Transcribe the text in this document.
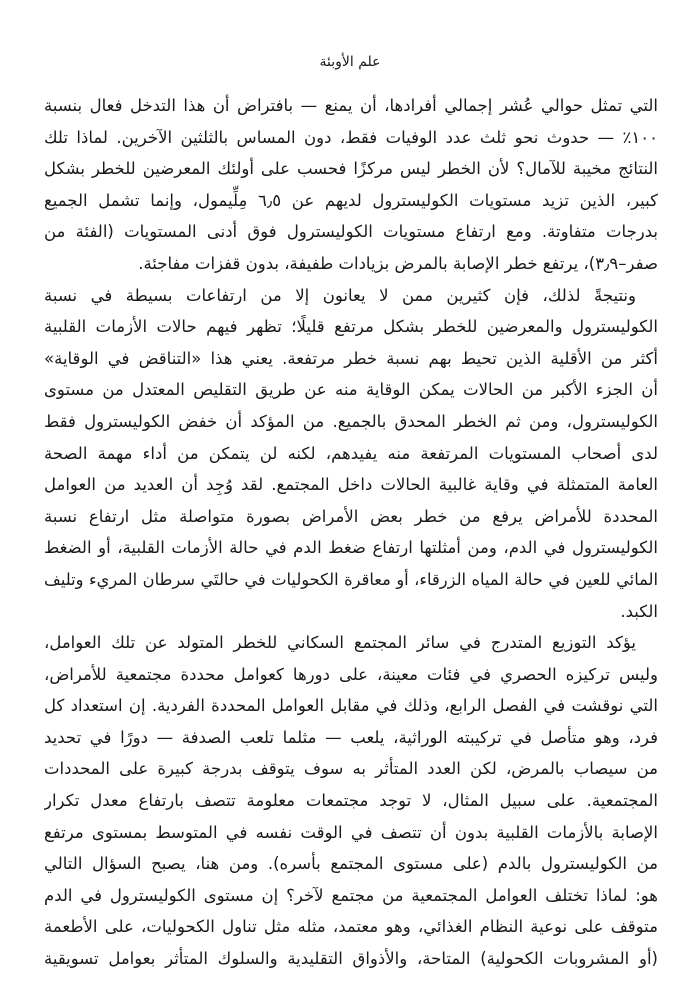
علم الأوبئة

التي تمثل حوالي عُشر إجمالي أفرادها، أن يمنع — بافتراض أن هذا التدخل فعال بنسبة
١٠٠٪ — حدوث نحو ثلث عدد الوفيات فقط، دون المساس بالثلثين الآخرين. لماذا تلك
النتائج مخيبة للآمال؟ لأن الخطر ليس مركزًا فحسب على أولئك المعرضين للخطر بشكل
كبير، الذين تزيد مستويات الكوليسترول لديهم عن ٦٫٥ مِلِّيمول، وإنما تشمل الجميع
بدرجات متفاوتة. ومع ارتفاع مستويات الكوليسترول فوق أدنى المستويات (الفئة من
صفر–٣٫٩)، يرتفع خطر الإصابة بالمرض بزيادات طفيفة، بدون قفزات مفاجئة.

ونتيجةً لذلك، فإن كثيرين ممن لا يعانون إلا من ارتفاعات بسيطة في نسبة
الكوليسترول والمعرضين للخطر بشكل مرتفع قليلًا؛ تظهر فيهم حالات الأزمات القلبية
أكثر من الأقلية الذين تحيط بهم نسبة خطر مرتفعة. يعني هذا «التناقض في الوقاية»
أن الجزء الأكبر من الحالات يمكن الوقاية منه عن طريق التقليص المعتدل من مستوى
الكوليسترول، ومن ثم الخطر المحدق بالجميع. من المؤكد أن خفض الكوليسترول فقط
لدى أصحاب المستويات المرتفعة منه يفيدهم، لكنه لن يتمكن من أداء مهمة الصحة
العامة المتمثلة في وقاية غالبية الحالات داخل المجتمع. لقد وُجِد أن العديد من العوامل
المحددة للأمراض يرفع من خطر بعض الأمراض بصورة متواصلة مثل ارتفاع نسبة
الكوليسترول في الدم، ومن أمثلتها ارتفاع ضغط الدم في حالة الأزمات القلبية، أو الضغط
المائي للعين في حالة المياه الزرقاء، أو معاقرة الكحوليات في حالتَي سرطان المريء وتليف
الكبد.

يؤكد التوزيع المتدرج في سائر المجتمع السكاني للخطر المتولد عن تلك العوامل،
وليس تركيزه الحصري في فئات معينة، على دورها كعوامل محددة مجتمعية للأمراض،
التي نوقشت في الفصل الرابع، وذلك في مقابل العوامل المحددة الفردية. إن استعداد كل
فرد، وهو متأصل في تركيبته الوراثية، يلعب — مثلما تلعب الصدفة — دورًا في تحديد
من سيصاب بالمرض، لكن العدد المتأثر به سوف يتوقف بدرجة كبيرة على المحددات
المجتمعية. على سبيل المثال، لا توجد مجتمعات معلومة تتصف بارتفاع معدل تكرار
الإصابة بالأزمات القلبية بدون أن تتصف في الوقت نفسه في المتوسط بمستوى مرتفع
من الكوليسترول بالدم (على مستوى المجتمع بأسره). ومن هنا، يصبح السؤال التالي
هو: لماذا تختلف العوامل المجتمعية من مجتمع لآخر؟ إن مستوى الكوليسترول في الدم
متوقف على نوعية النظام الغذائي، وهو معتمد، مثله مثل تناول الكحوليات، على الأطعمة
(أو المشروبات الكحولية) المتاحة، والأذواق التقليدية والسلوك المتأثر بعوامل تسويقية
